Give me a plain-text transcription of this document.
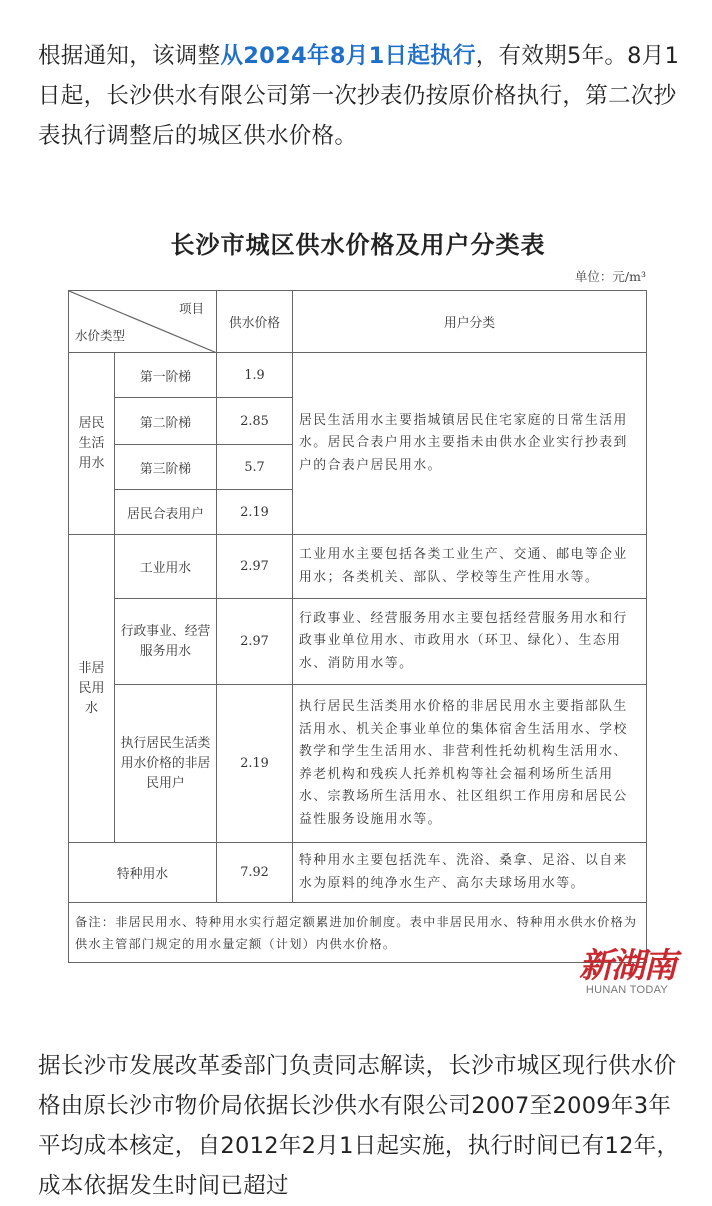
根据通知，该调整从2024年8月1日起执行，有效期5年。8月1日起，长沙供水有限公司第一次抄表仍按原价格执行，第二次抄表执行调整后的城区供水价格。

长沙市城区供水价格及用户分类表
单位：元/m³
项目
水价类型		供水价格	用户分类
居民生活用水	第一阶梯	1.9	居民生活用水主要指城镇居民住宅家庭的日常生活用水。居民合表户用水主要指未由供水企业实行抄表到户的合表户居民用水。
	第二阶梯	2.85	
	第三阶梯	5.7	
	居民合表用户	2.19	
非居民用水	工业用水	2.97	工业用水主要包括各类工业生产、交通、邮电等企业用水；各类机关、部队、学校等生产性用水等。
	行政事业、经营服务用水	2.97	行政事业、经营服务用水主要包括经营服务用水和行政事业单位用水、市政用水（环卫、绿化）、生态用水、消防用水等。
	执行居民生活类用水价格的非居民用户	2.19	执行居民生活类用水价格的非居民用水主要指部队生活用水、机关企事业单位的集体宿舍生活用水、学校教学和学生生活用水、非营利性托幼机构生活用水、养老机构和残疾人托养机构等社会福利场所生活用水、宗教场所生活用水、社区组织工作用房和居民公益性服务设施用水等。
特种用水		7.92	特种用水主要包括洗车、洗浴、桑拿、足浴、以自来水为原料的纯净水生产、高尔夫球场用水等。
备注：非居民用水、特种用水实行超定额累进加价制度。表中非居民用水、特种用水供水价格为供水主管部门规定的用水量定额（计划）内供水价格。			
新湖南
HUNAN TODAY

据长沙市发展改革委部门负责同志解读，长沙市城区现行供水价格由原长沙市物价局依据长沙供水有限公司2007至2009年3年平均成本核定，自2012年2月1日起实施，执行时间已有12年，成本依据发生时间已超过
